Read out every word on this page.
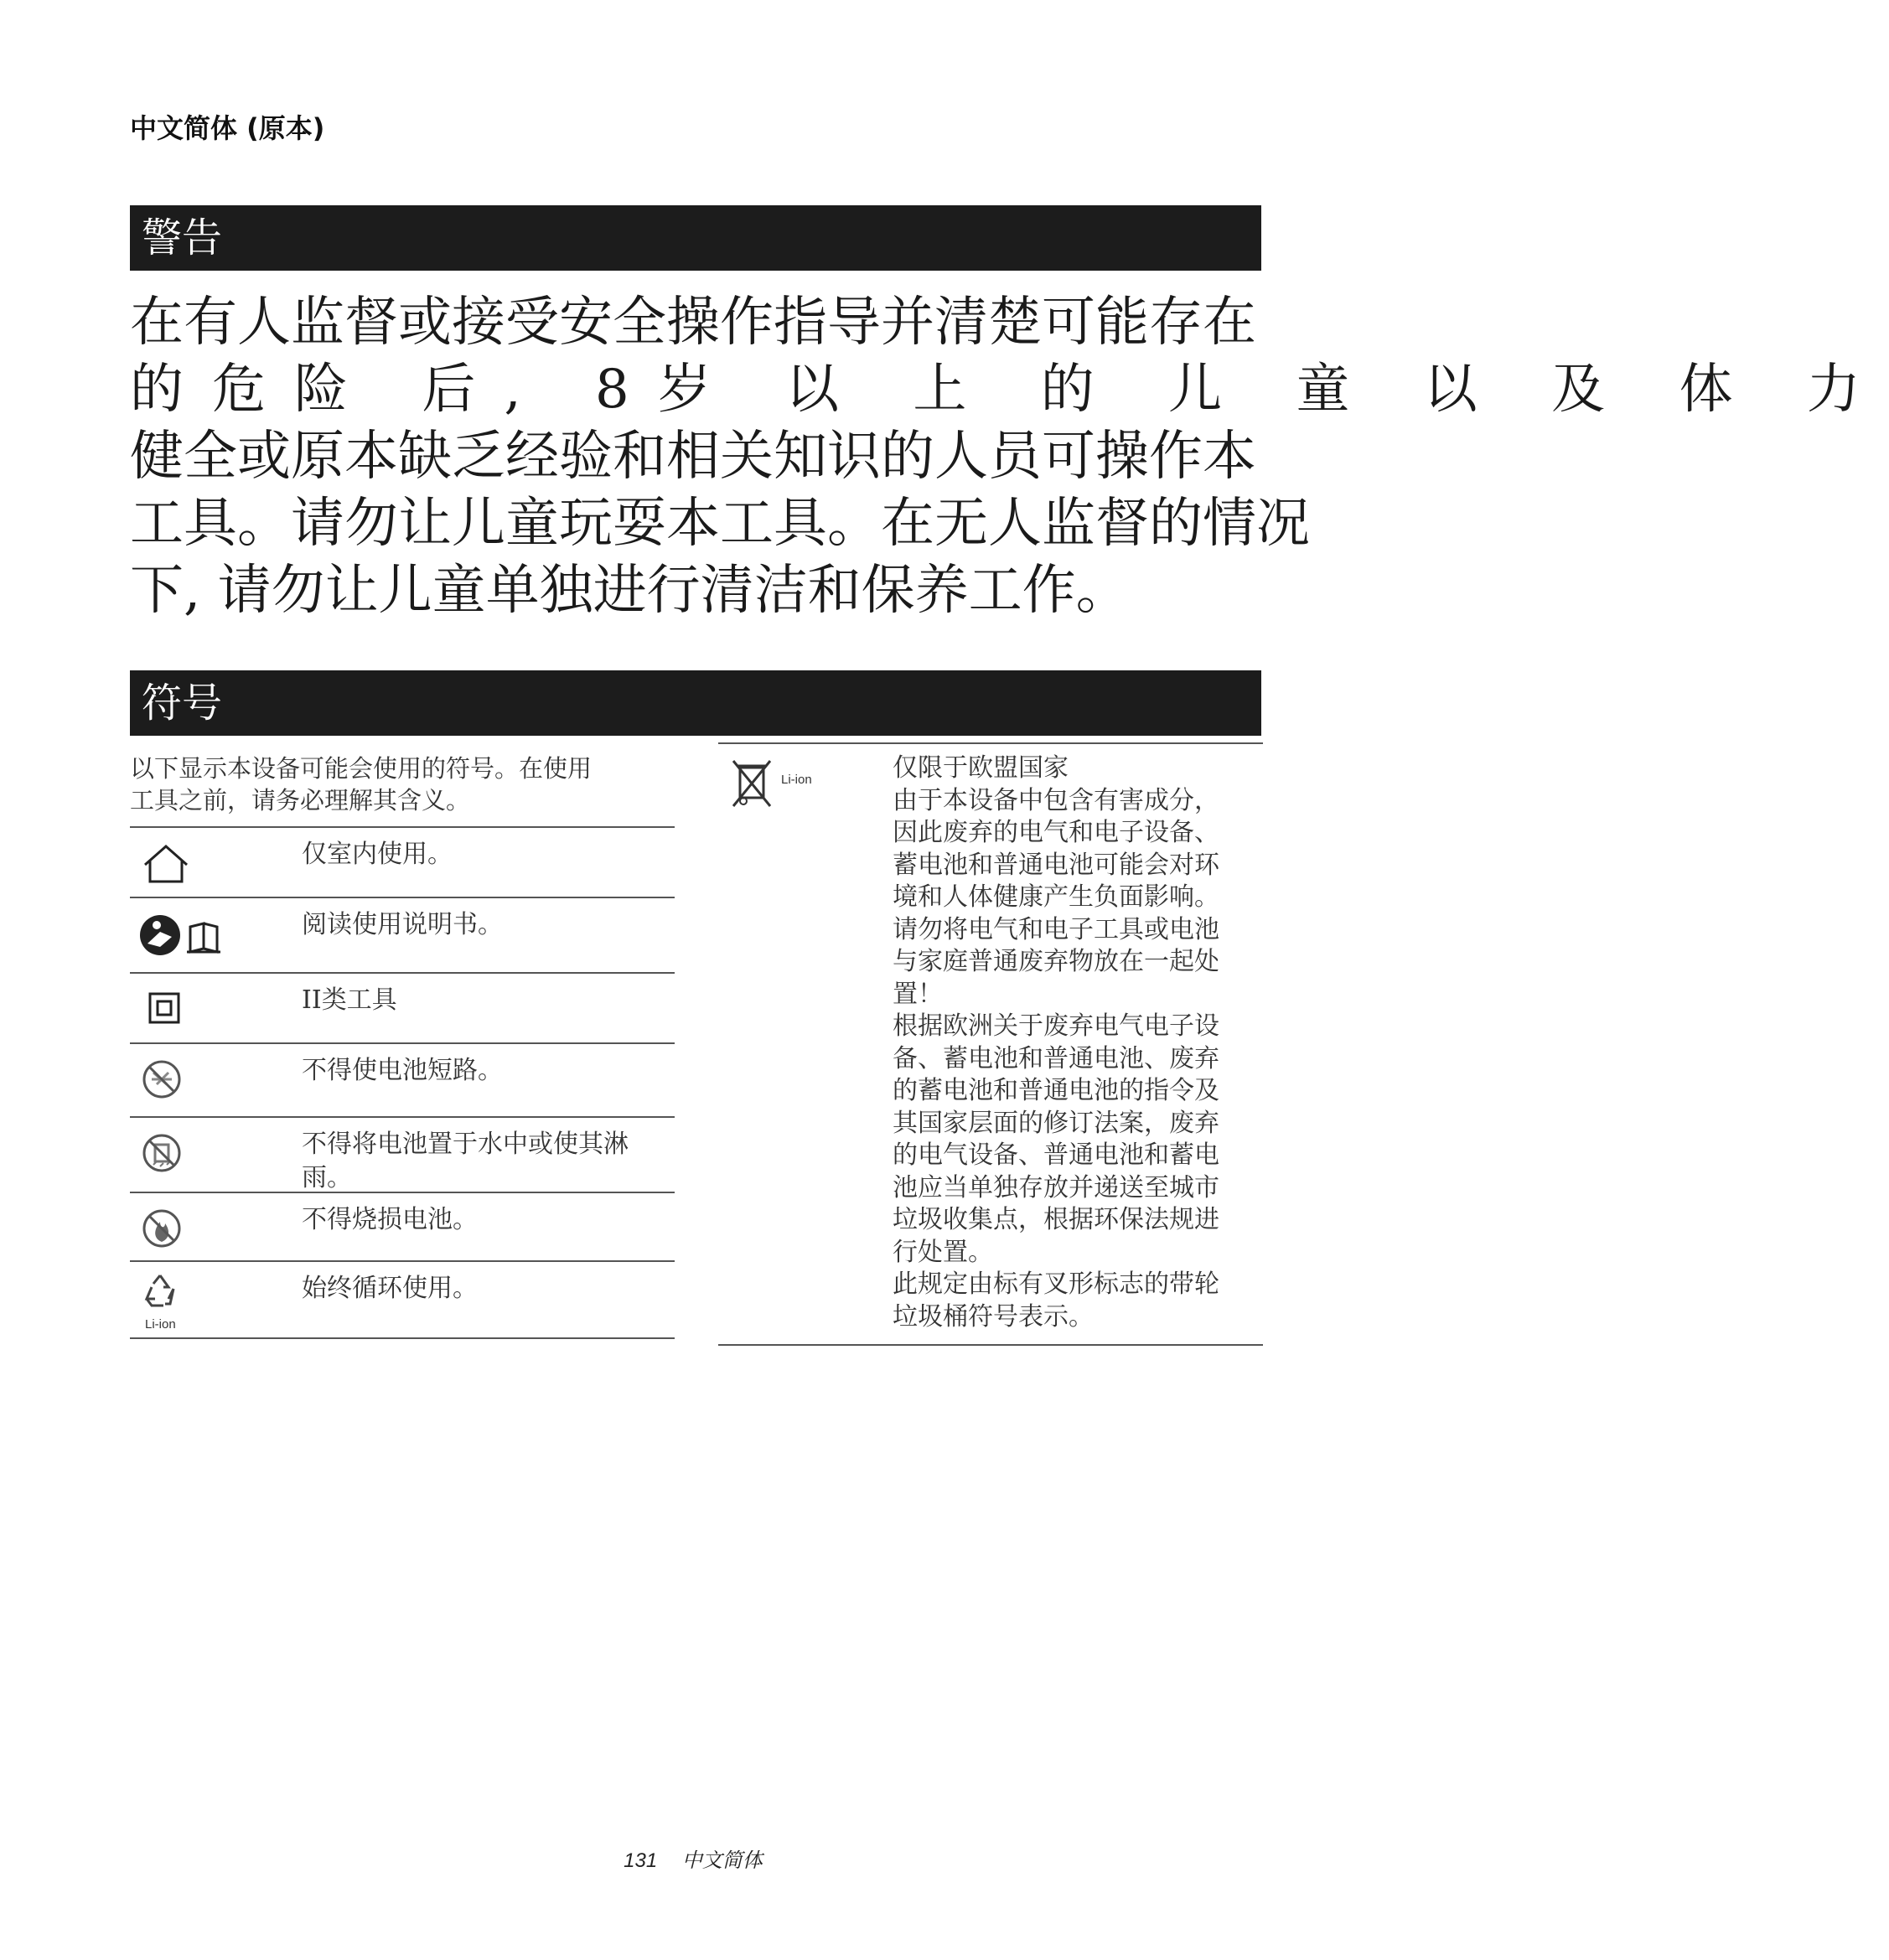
中文简体 (原本)
警告
在有人监督或接受安全操作指导并清楚可能存在
的危险 后, 8岁 以 上 的 儿 童 以 及 体 力
健全或原本缺乏经验和相关知识的人员可操作本
工具。请勿让儿童玩耍本工具。在无人监督的情况
下, 请勿让儿童单独进行清洁和保养工作。
符号
以下显示本设备可能会使用的符号。在使用
工具之前，请务必理解其含义。
仅室内使用。
阅读使用说明书。
II类工具
不得使电池短路。
不得将电池置于水中或使其淋雨。
不得烧损电池。
Li-ion
始终循环使用。
Li-ion	仅限于欧盟国家
由于本设备中包含有害成分，
因此废弃的电气和电子设备、
蓄电池和普通电池可能会对环
境和人体健康产生负面影响。
请勿将电气和电子工具或电池
与家庭普通废弃物放在一起处
置！
根据欧洲关于废弃电气电子设
备、蓄电池和普通电池、废弃
的蓄电池和普通电池的指令及
其国家层面的修订法案，废弃
的电气设备、普通电池和蓄电
池应当单独存放并递送至城市
垃圾收集点，根据环保法规进
行处置。
此规定由标有叉形标志的带轮
垃圾桶符号表示。
131 中文简体
